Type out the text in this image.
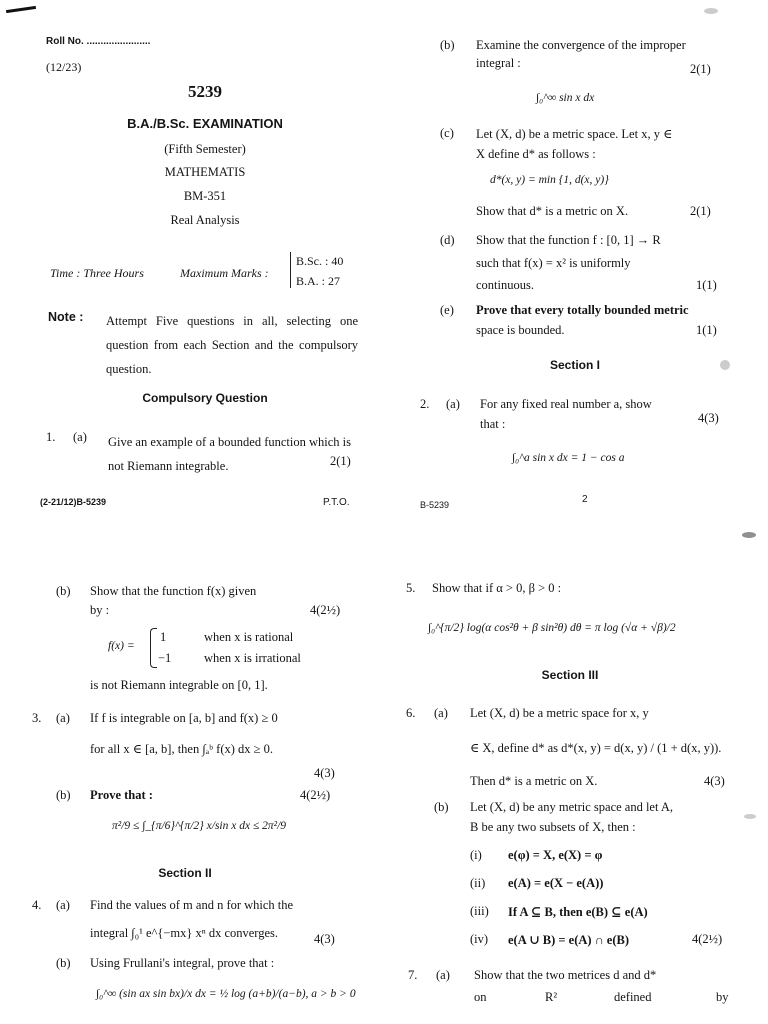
Roll No. .......................
(12/23)
5239
B.A./B.Sc. EXAMINATION
(Fifth Semester)
MATHEMATIS
BM-351
Real Analysis
Time : Three Hours	Maximum Marks :
B.Sc. : 40
B.A. : 27
Note : Attempt Five questions in all, selecting one question from each Section and the compulsory question.
Compulsory Question
1. (a) Give an example of a bounded function which is not Riemann integrable.	2(1)
(2-21/12)B-5239	P.T.O.
(b) Examine the convergence of the improper
integral :	2(1)
∫₀^∞ sin x dx
(c) Let (X, d) be a metric space. Let x, y ∈
X define d* as follows :
d*(x, y) = min {1, d(x, y)}
Show that d* is a metric on X.	2(1)
(d) Show that the function f : [0, 1] → R
such that f(x) = x² is uniformly
continuous.	1(1)
(e) Prove that every totally bounded metric
space is bounded.	1(1)
Section I
2. (a) For any fixed real number a, show
that :	4(3)
∫₀^a sin x dx = 1 − cos a
B-5239	2
(b) Show that the function f(x) given
by :	4(2½)
f(x) =
1	when x is rational
−1	when x is irrational
is not Riemann integrable on [0, 1].
3. (a) If f is integrable on [a, b] and f(x) ≥ 0
for all x ∈ [a, b], then ∫ₐᵇ f(x) dx ≥ 0.
4(3)
(b) Prove that :	4(2½)
π²/9 ≤ ∫_{π/6}^{π/2} x/sin x dx ≤ 2π²/9
Section II
4. (a) Find the values of m and n for which the
integral ∫₀¹ e^{−mx} xⁿ dx converges.	4(3)
(b) Using Frullani's integral, prove that :
∫₀^∞ (sin ax sin bx)/x dx = ½ log (a+b)/(a−b), a > b > 0
5. Show that if α > 0, β > 0 :
∫₀^{π/2} log(α cos²θ + β sin²θ) dθ = π log (√α + √β)/2
Section III
6. (a) Let (X, d) be a metric space for x, y
∈ X, define d* as d*(x, y) = d(x, y) / (1 + d(x, y)).
Then d* is a metric on X.	4(3)
(b) Let (X, d) be any metric space and let A,
B be any two subsets of X, then :
(i) e(φ) = X, e(X) = φ
(ii) e(A) = e(X − e(A))
(iii) If A ⊆ B, then e(B) ⊆ e(A)
(iv) e(A ∪ B) = e(A) ∩ e(B)	4(2½)
7. (a) Show that the two metrices d and d*
on	R²	defined	by
